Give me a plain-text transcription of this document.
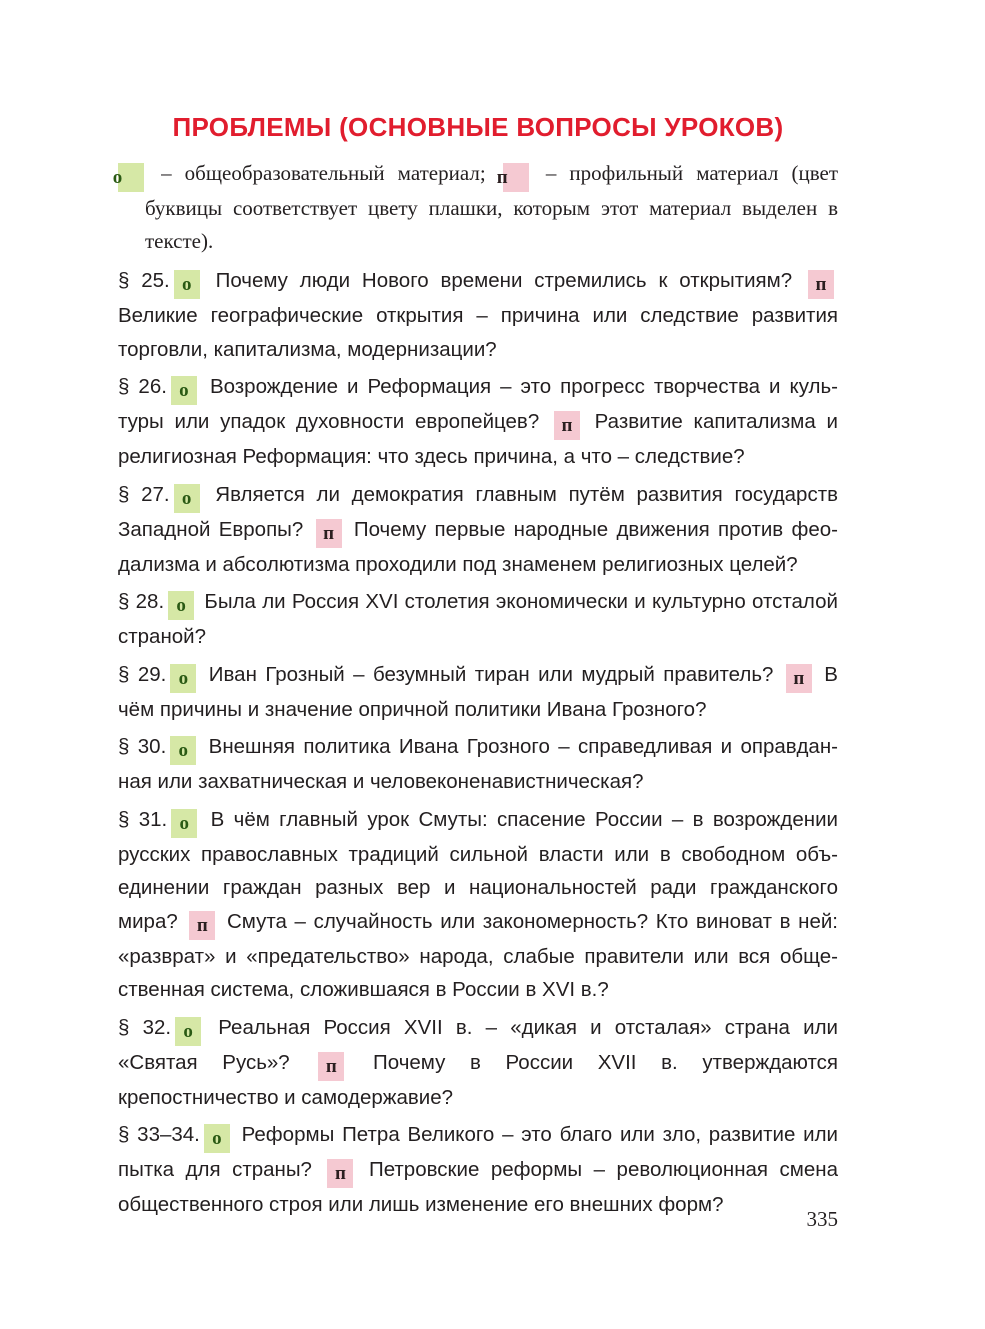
ПРОБЛЕМЫ (ОСНОВНЫЕ ВОПРОСЫ УРОКОВ)
о – общеобразовательный материал; п – профильный материал (цвет буквицы соответствует цвету плашки, которым этот материал выделен в тексте).
§ 25. о Почему люди Нового времени стремились к открытиям? п Великие географические открытия – причина или следствие развития торговли, капитализма, модернизации?
§ 26. о Возрождение и Реформация – это прогресс творчества и культуры или упадок духовности европейцев? п Развитие капитализма и религиозная Реформация: что здесь причина, а что – следствие?
§ 27. о Является ли демократия главным путём развития государств Западной Европы? п Почему первые народные движения против феодализма и абсолютизма проходили под знаменем религиозных целей?
§ 28. о Была ли Россия XVI столетия экономически и культурно отсталой страной?
§ 29. о Иван Грозный – безумный тиран или мудрый правитель? п В чём причины и значение опричной политики Ивана Грозного?
§ 30. о Внешняя политика Ивана Грозного – справедливая и оправданная или захватническая и человеконенавистническая?
§ 31. о В чём главный урок Смуты: спасение России – в возрождении русских православных традиций сильной власти или в свободном объединении граждан разных вер и национальностей ради гражданского мира? п Смута – случайность или закономерность? Кто виноват в ней: «разврат» и «предательство» народа, слабые правители или вся общественная система, сложившаяся в России в XVI в.?
§ 32. о Реальная Россия XVII в. – «дикая и отсталая» страна или «Святая Русь»? п Почему в России XVII в. утверждаются крепостничество и самодержавие?
§ 33–34. о Реформы Петра Великого – это благо или зло, развитие или пытка для страны? п Петровские реформы – революционная смена общественного строя или лишь изменение его внешних форм?
335
